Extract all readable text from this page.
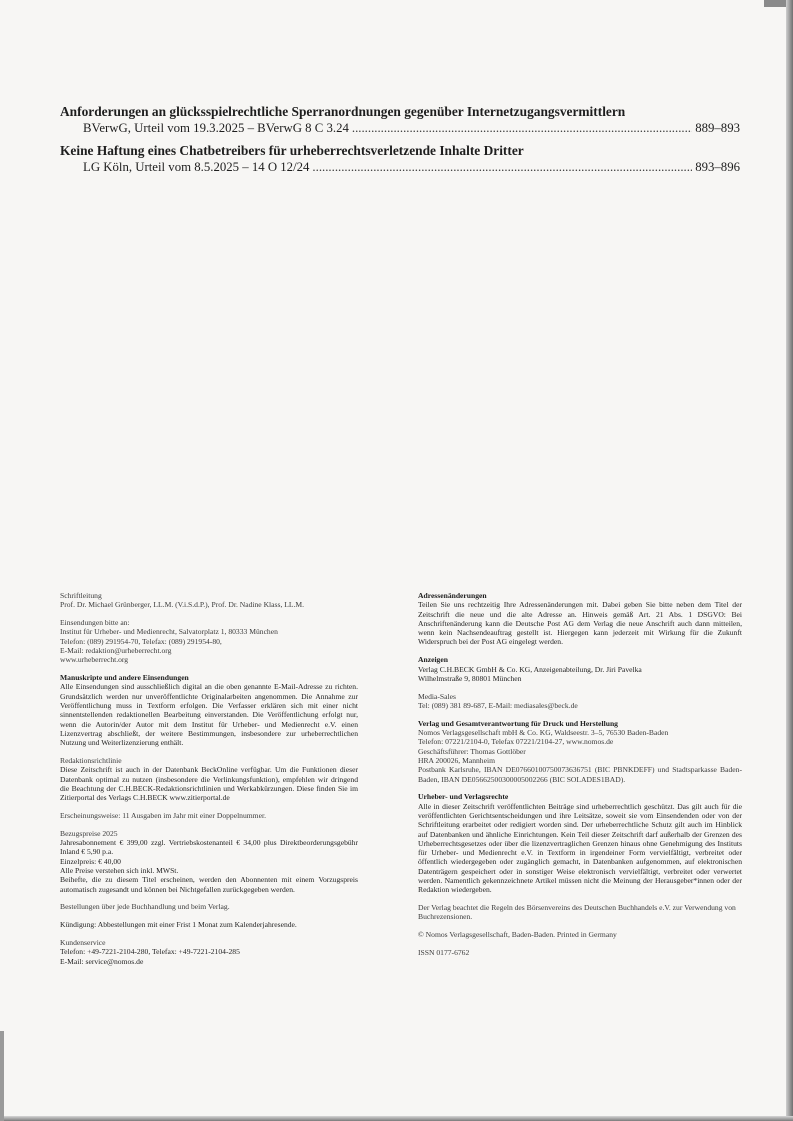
Anforderungen an glücksspielrechtliche Sperranordnungen gegenüber Internetzugangsvermittlern
BVerwG, Urteil vom 19.3.2025 – BVerwG 8 C 3.24 .....	889–893
Keine Haftung eines Chatbetreibers für urheberrechtsverletzende Inhalte Dritter
LG Köln, Urteil vom 8.5.2025 – 14 O 12/24 .....	893–896

Schriftleitung

Prof. Dr. Michael Grünberger, LL.M. (V.i.S.d.P.), Prof. Dr. Nadine Klass, LL.M.

Einsendungen bitte an:

Institut für Urheber- und Medienrecht, Salvatorplatz 1, 80333 München

Telefon: (089) 291954-70, Telefax: (089) 291954-80,

E-Mail: redaktion@urheberrecht.org

www.urheberrecht.org

Manuskripte und andere Einsendungen

Alle Einsendungen sind ausschließlich digital an die oben genannte E-Mail-Adresse zu richten. Grundsätzlich werden nur unveröffentlichte Originalarbeiten angenommen. Die Annahme zur Veröffentlichung muss in Textform erfolgen. Die Verfasser erklären sich mit einer nicht sinnentstellenden redaktionellen Bearbeitung einverstanden. Die Veröffentlichung erfolgt nur, wenn die Autorin/der Autor mit dem Institut für Urheber- und Medienrecht e.V. einen Lizenzvertrag abschließt, der weitere Bestimmungen, insbesondere zur urheberrechtlichen Nutzung und Weiterlizenzierung enthält.

Redaktionsrichtlinie

Diese Zeitschrift ist auch in der Datenbank BeckOnline verfügbar. Um die Funktionen dieser Datenbank optimal zu nutzen (insbesondere die Verlinkungsfunktion), empfehlen wir dringend die Beachtung der C.H.BECK-Redaktionsrichtlinien und Werkabkürzungen. Diese finden Sie im Zitierportal des Verlags C.H.BECK www.zitierportal.de

Erscheinungsweise: 11 Ausgaben im Jahr mit einer Doppelnummer.

Bezugspreise 2025

Jahresabonnement € 399,00 zzgl. Vertriebskostenanteil € 34,00 plus Direktbeorderungsgebühr Inland € 5,90 p.a.

Einzelpreis: € 40,00

Alle Preise verstehen sich inkl. MWSt.

Beihefte, die zu diesem Titel erscheinen, werden den Abonnenten mit einem Vorzugspreis automatisch zugesandt und können bei Nichtgefallen zurückgegeben werden.

Bestellungen über jede Buchhandlung und beim Verlag.

Kündigung: Abbestellungen mit einer Frist 1 Monat zum Kalenderjahresende.

Kundenservice

Telefon: +49-7221-2104-280, Telefax: +49-7221-2104-285

E-Mail: service@nomos.de

Adressenänderungen

Teilen Sie uns rechtzeitig Ihre Adressenänderungen mit. Dabei geben Sie bitte neben dem Titel der Zeitschrift die neue und die alte Adresse an. Hinweis gemäß Art. 21 Abs. 1 DSGVO: Bei Anschriftenänderung kann die Deutsche Post AG dem Verlag die neue Anschrift auch dann mitteilen, wenn kein Nachsendeauftrag gestellt ist. Hiergegen kann jederzeit mit Wirkung für die Zukunft Widerspruch bei der Post AG eingelegt werden.

Anzeigen

Verlag C.H.BECK GmbH & Co. KG, Anzeigenabteilung, Dr. Jiri Pavelka

Wilhelmstraße 9, 80801 München

Media-Sales

Tel: (089) 381 89-687, E-Mail: mediasales@beck.de

Verlag und Gesamtverantwortung für Druck und Herstellung

Nomos Verlagsgesellschaft mbH & Co. KG, Waldseestr. 3–5, 76530 Baden-Baden

Telefon: 07221/2104-0, Telefax 07221/2104-27, www.nomos.de

Geschäftsführer: Thomas Gottlöber

HRA 200026, Mannheim

Postbank Karlsruhe, IBAN DE07660100750073636751 (BIC PBNKDEFF) und Stadtsparkasse Baden-Baden, IBAN DE05662500300005002266 (BIC SOLADES1BAD).

Urheber- und Verlagsrechte

Alle in dieser Zeitschrift veröffentlichten Beiträge sind urheberrechtlich geschützt. Das gilt auch für die veröffentlichten Gerichtsentscheidungen und ihre Leitsätze, soweit sie vom Einsendenden oder von der Schriftleitung erarbeitet oder redigiert worden sind. Der urheberrechtliche Schutz gilt auch im Hinblick auf Datenbanken und ähnliche Einrichtungen. Kein Teil dieser Zeitschrift darf außerhalb der Grenzen des Urheberrechtsgesetzes oder über die lizenzvertraglichen Grenzen hinaus ohne Genehmigung des Instituts für Urheber- und Medienrecht e.V. in Textform in irgendeiner Form vervielfältigt, verbreitet oder öffentlich wiedergegeben oder zugänglich gemacht, in Datenbanken aufgenommen, auf elektronischen Datenträgern gespeichert oder in sonstiger Weise elektronisch vervielfältigt, verbreitet oder verwertet werden. Namentlich gekennzeichnete Artikel müssen nicht die Meinung der Herausgeber*innen oder der Redaktion wiedergeben.

Der Verlag beachtet die Regeln des Börsenvereins des Deutschen Buchhandels e.V. zur Verwendung von Buchrezensionen.

© Nomos Verlagsgesellschaft, Baden-Baden. Printed in Germany

ISSN 0177-6762
